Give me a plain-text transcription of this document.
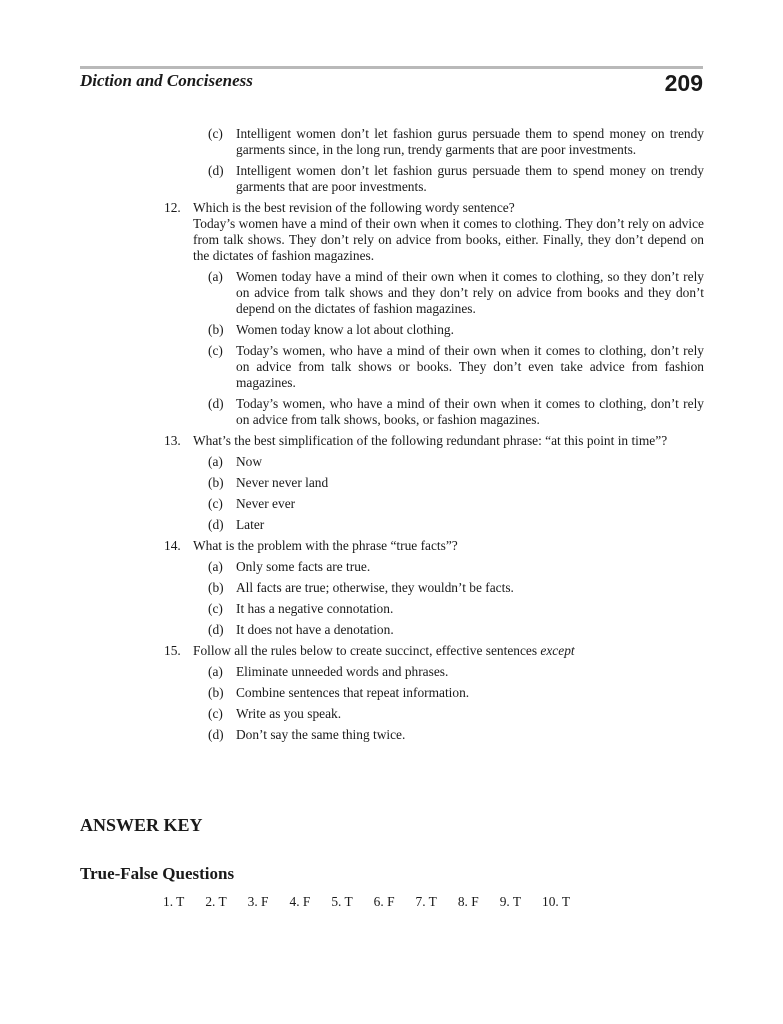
Diction and Conciseness	209
(c) Intelligent women don’t let fashion gurus persuade them to spend money on trendy garments since, in the long run, trendy garments that are poor investments.
(d) Intelligent women don’t let fashion gurus persuade them to spend money on trendy garments that are poor investments.
12. Which is the best revision of the following wordy sentence?
Today’s women have a mind of their own when it comes to clothing. They don’t rely on advice from talk shows. They don’t rely on advice from books, either. Finally, they don’t depend on the dictates of fashion magazines.
(a) Women today have a mind of their own when it comes to clothing, so they don’t rely on advice from talk shows and they don’t rely on advice from books and they don’t depend on the dictates of fashion magazines.
(b) Women today know a lot about clothing.
(c) Today’s women, who have a mind of their own when it comes to clothing, don’t rely on advice from talk shows or books. They don’t even take advice from fashion magazines.
(d) Today’s women, who have a mind of their own when it comes to clothing, don’t rely on advice from talk shows, books, or fashion magazines.
13. What’s the best simplification of the following redundant phrase: “at this point in time”?
(a) Now
(b) Never never land
(c) Never ever
(d) Later
14. What is the problem with the phrase “true facts”?
(a) Only some facts are true.
(b) All facts are true; otherwise, they wouldn’t be facts.
(c) It has a negative connotation.
(d) It does not have a denotation.
15. Follow all the rules below to create succinct, effective sentences except
(a) Eliminate unneeded words and phrases.
(b) Combine sentences that repeat information.
(c) Write as you speak.
(d) Don’t say the same thing twice.
ANSWER KEY
True-False Questions
1. T 2. T 3. F 4. F 5. T 6. F 7. T 8. F 9. T 10. T
